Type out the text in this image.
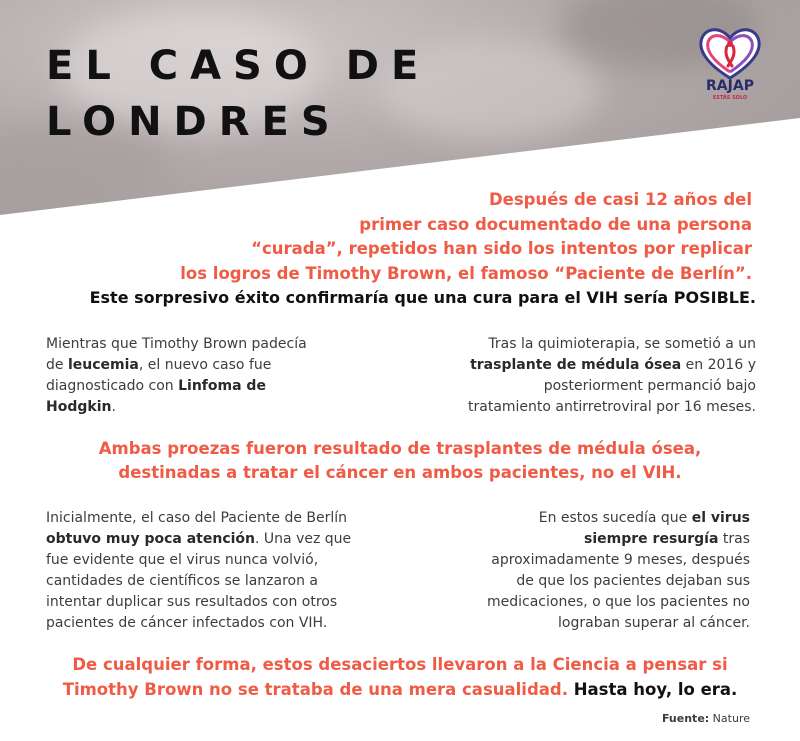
EL CASO DE
LONDRES
RAJAP
ESTÁS SOLO
Después de casi 12 años del
primer caso documentado de una persona
“curada”, repetidos han sido los intentos por replicar
los logros de Timothy Brown, el famoso “Paciente de Berlín”.
Este sorpresivo éxito confirmaría que una cura para el VIH sería POSIBLE.
Mientras que Timothy Brown padecía
de leucemia, el nuevo caso fue
diagnosticado con Linfoma de
Hodgkin.
Tras la quimioterapia, se sometió a un
trasplante de médula ósea en 2016 y
posteriorment permanció bajo
tratamiento antirretroviral por 16 meses.
Ambas proezas fueron resultado de trasplantes de médula ósea,
destinadas a tratar el cáncer en ambos pacientes, no el VIH.
Inicialmente, el caso del Paciente de Berlín
obtuvo muy poca atención. Una vez que
fue evidente que el virus nunca volvió,
cantidades de científicos se lanzaron a
intentar duplicar sus resultados con otros
pacientes de cáncer infectados con VIH.
En estos sucedía que el virus
siempre resurgía tras
aproximadamente 9 meses, después
de que los pacientes dejaban sus
medicaciones, o que los pacientes no
lograban superar al cáncer.
De cualquier forma, estos desaciertos llevaron a la Ciencia a pensar si
Timothy Brown no se trataba de una mera casualidad. Hasta hoy, lo era.
Fuente: Nature
